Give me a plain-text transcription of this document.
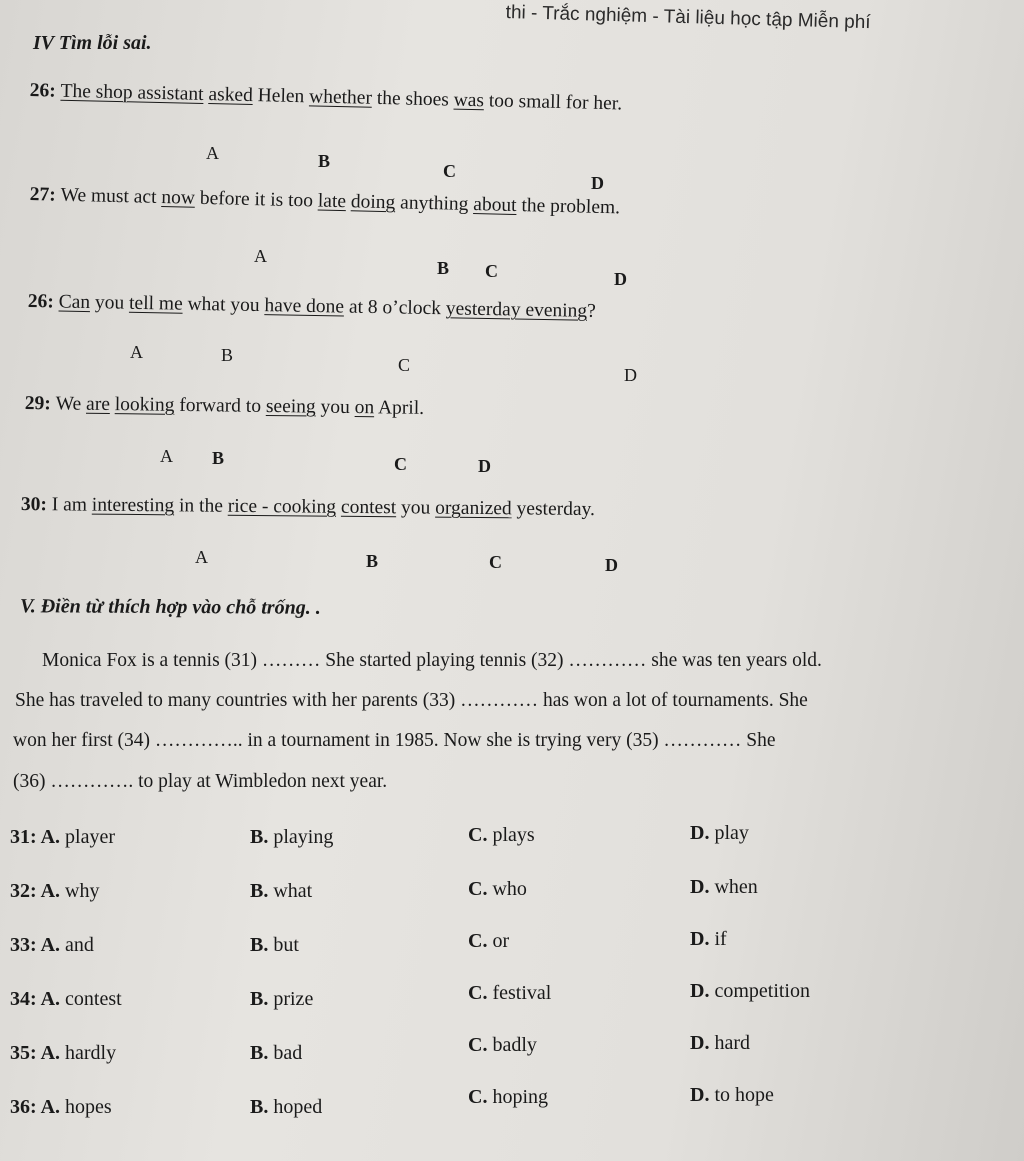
thi - Trắc nghiệm - Tài liệu học tập Miễn phí
IV Tìm lỗi sai.
26: The shop assistant asked Helen whether the shoes was too small for her.
27: We must act now before it is too late doing anything about the problem.
26: Can you tell me what you have done at 8 o’clock yesterday evening?
29: We are looking forward to seeing you on April.
30: I am interesting in the rice - cooking contest you organized yesterday.
A	B	C
D
A
B C	D
A	B	C	D
A B	C	D
A	B	C	D
V. Điền từ thích hợp vào chỗ trống. .
Monica Fox is a tennis (31) ……… She started playing tennis (32) ………… she was ten years old.
She has traveled to many countries with her parents (33) ………… has won a lot of tournaments. She
won her first (34) ………….. in a tournament in 1985. Now she is trying very (35) ………… She
(36) …………. to play at Wimbledon next year.
31: A. player	B. playing	C. plays	D. play
32: A. why	B. what	C. who	D. when
33: A. and	B. but	C. or	D. if
34: A. contest	B. prize	C. festival	D. competition
35: A. hardly	B. bad	C. badly	D. hard
36: A. hopes	B. hoped	C. hoping	D. to hope
